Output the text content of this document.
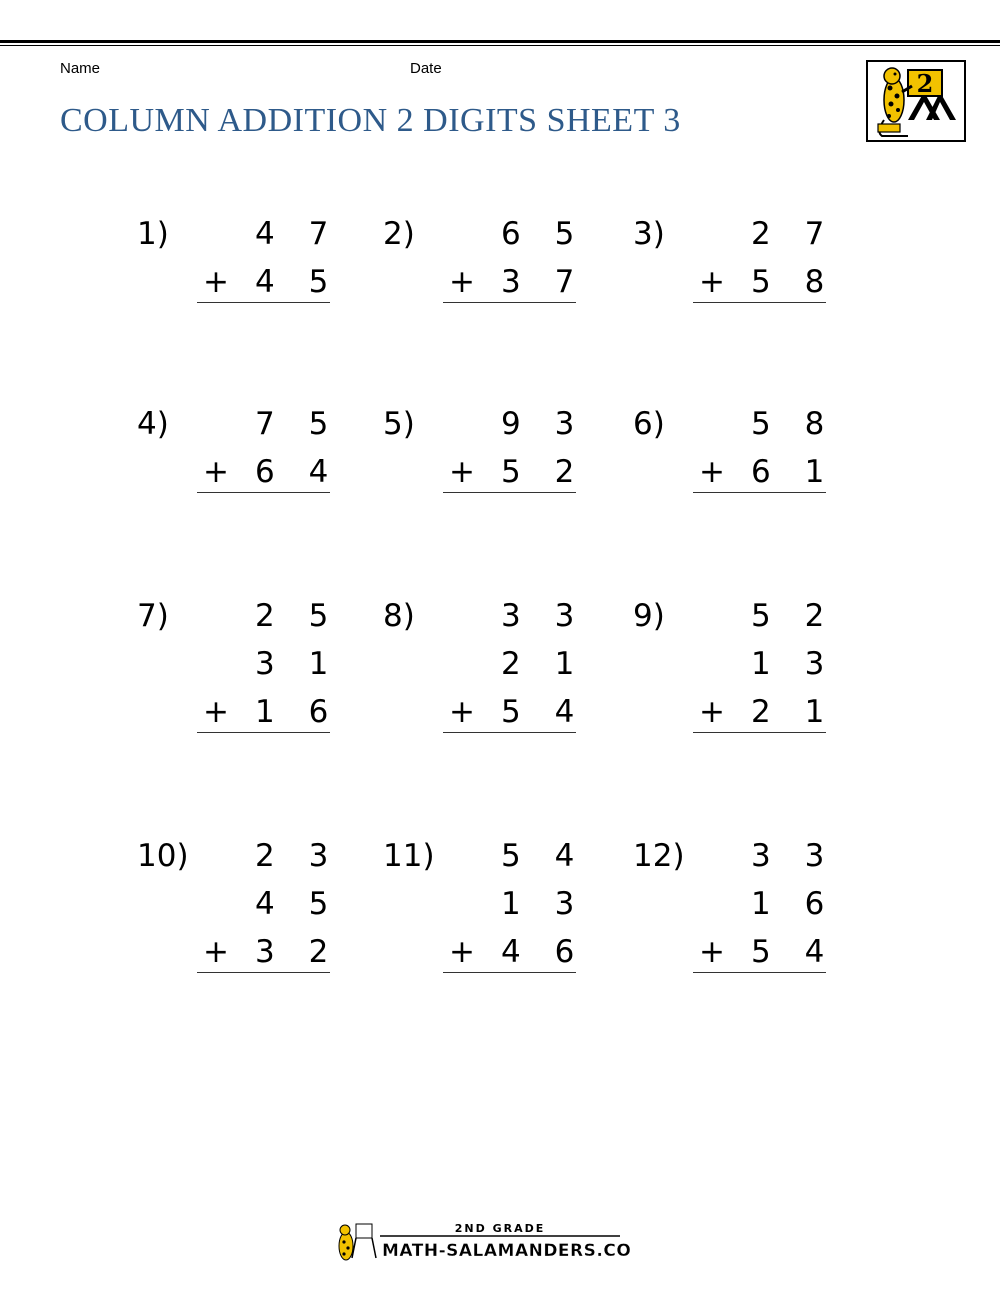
Name	Date
COLUMN ADDITION 2 DIGITS SHEET 3
2
1)	4 7
+ 4 5
2)	6 5
+ 3 7
3)	2 7
+ 5 8
4)	7 5
+ 6 4
5)	9 3
+ 5 2
6)	5 8
+ 6 1
7)	2 5
3 1
+ 1 6
8)	3 3
2 1
+ 5 4
9)	5 2
1 3
+ 2 1
10) 2 3
4 5
+ 3 2
11) 5 4
1 3
+ 4 6
12) 3 3
1 6
+ 5 4
2ND GRADE
MATH-SALAMANDERS.COM
